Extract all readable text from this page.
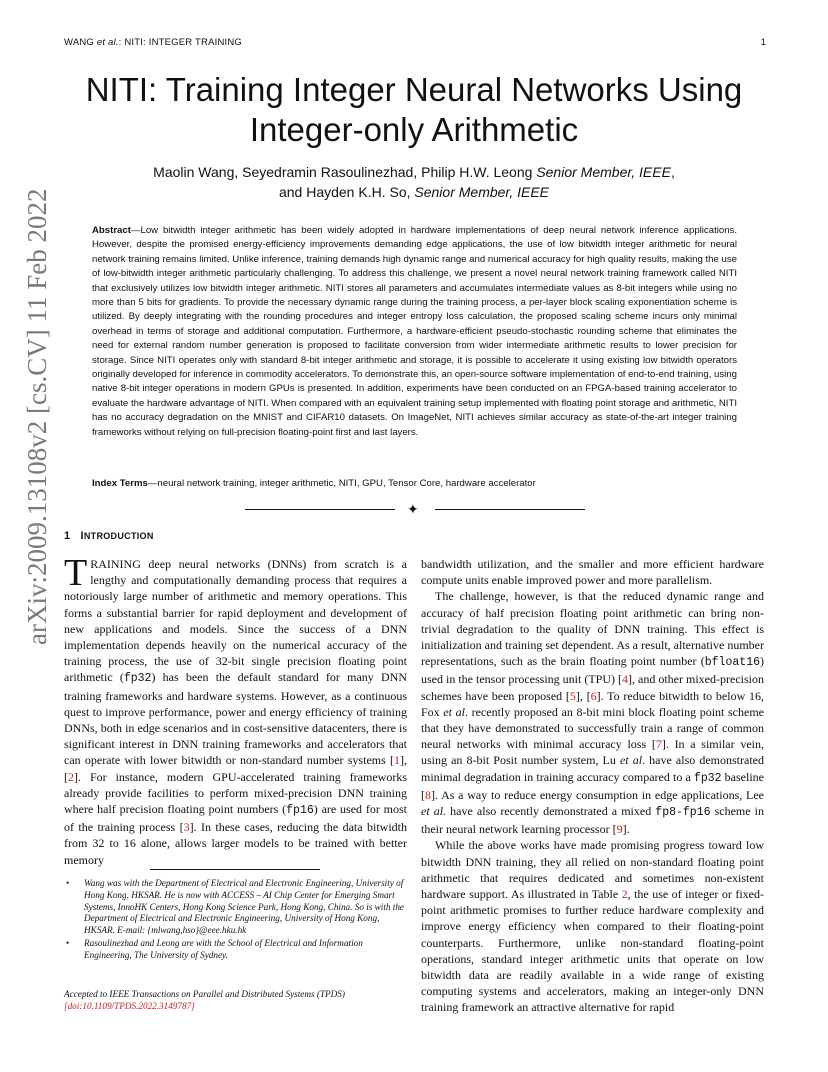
WANG et al.: NITI: INTEGER TRAINING	1
arXiv:2009.13108v2 [cs.CV] 11 Feb 2022
NITI: Training Integer Neural Networks Using
Integer-only Arithmetic
Maolin Wang, Seyedramin Rasoulinezhad, Philip H.W. Leong Senior Member, IEEE,
and Hayden K.H. So, Senior Member, IEEE
Abstract—Low bitwidth integer arithmetic has been widely adopted in hardware implementations of deep neural network inference applications. However, despite the promised energy-efficiency improvements demanding edge applications, the use of low bitwidth integer arithmetic for neural network training remains limited. Unlike inference, training demands high dynamic range and numerical accuracy for high quality results, making the use of low-bitwidth integer arithmetic particularly challenging. To address this challenge, we present a novel neural network training framework called NITI that exclusively utilizes low bitwidth integer arithmetic. NITI stores all parameters and accumulates intermediate values as 8-bit integers while using no more than 5 bits for gradients. To provide the necessary dynamic range during the training process, a per-layer block scaling exponentiation scheme is utilized. By deeply integrating with the rounding procedures and integer entropy loss calculation, the proposed scaling scheme incurs only minimal overhead in terms of storage and additional computation. Furthermore, a hardware-efficient pseudo-stochastic rounding scheme that eliminates the need for external random number generation is proposed to facilitate conversion from wider intermediate arithmetic results to lower precision for storage. Since NITI operates only with standard 8-bit integer arithmetic and storage, it is possible to accelerate it using existing low bitwidth operators originally developed for inference in commodity accelerators. To demonstrate this, an open-source software implementation of end-to-end training, using native 8-bit integer operations in modern GPUs is presented. In addition, experiments have been conducted on an FPGA-based training accelerator to evaluate the hardware advantage of NITI. When compared with an equivalent training setup implemented with floating point storage and arithmetic, NITI has no accuracy degradation on the MNIST and CIFAR10 datasets. On ImageNet, NITI achieves similar accuracy as state-of-the-art integer training frameworks without relying on full-precision floating-point first and last layers.
Index Terms—neural network training, integer arithmetic, NITI, GPU, Tensor Core, hardware accelerator
✦
1 INTRODUCTION

TRAINING deep neural networks (DNNs) from scratch is a lengthy and computationally demanding process that requires a notoriously large number of arithmetic and memory operations. This forms a substantial barrier for rapid deployment and development of new applications and models. Since the success of a DNN implementation depends heavily on the numerical accuracy of the training process, the use of 32-bit single precision floating point arithmetic (fp32) has been the default standard for many DNN training frameworks and hardware systems. However, as a continuous quest to improve performance, power and energy efficiency of training DNNs, both in edge scenarios and in cost-sensitive datacenters, there is significant interest in DNN training frameworks and accelerators that can operate with lower bitwidth or non-standard number systems [1], [2]. For instance, modern GPU-accelerated training frameworks already provide facilities to perform mixed-precision DNN training where half precision floating point numbers (fp16) are used for most of the training process [3]. In these cases, reducing the data bitwidth from 32 to 16 alone, allows larger models to be trained with better memory

bandwidth utilization, and the smaller and more efficient hardware compute units enable improved power and more parallelism.

The challenge, however, is that the reduced dynamic range and accuracy of half precision floating point arithmetic can bring non-trivial degradation to the quality of DNN training. This effect is initialization and training set dependent. As a result, alternative number representations, such as the brain floating point number (bfloat16) used in the tensor processing unit (TPU) [4], and other mixed-precision schemes have been proposed [5], [6]. To reduce bitwidth to below 16, Fox et al. recently proposed an 8-bit mini block floating point scheme that they have demonstrated to successfully train a range of common neural networks with minimal accuracy loss [7]. In a similar vein, using an 8-bit Posit number system, Lu et al. have also demonstrated minimal degradation in training accuracy compared to a fp32 baseline [8]. As a way to reduce energy consumption in edge applications, Lee et al. have also recently demonstrated a mixed fp8-fp16 scheme in their neural network learning processor [9].

While the above works have made promising progress toward low bitwidth DNN training, they all relied on non-standard floating point arithmetic that requires dedicated and sometimes non-existent hardware support. As illustrated in Table 2, the use of integer or fixed-point arithmetic promises to further reduce hardware complexity and improve energy efficiency when compared to their floating-point counterparts. Furthermore, unlike non-standard floating-point operations, standard integer arithmetic units that operate on low bitwidth data are readily available in a wide range of existing computing systems and accelerators, making an integer-only DNN training framework an attractive alternative for rapid

• Wang was with the Department of Electrical and Electronic Engineering, University of Hong Kong, HKSAR. He is now with ACCESS – AI Chip Center for Emerging Smart Systems, InnoHK Centers, Hong Kong Science Park, Hong Kong, China. So is with the Department of Electrical and Electronic Engineering, University of Hong Kong, HKSAR. E-mail: {mlwang,hso}@eee.hku.hk
• Rasoulinezhad and Leong are with the School of Electrical and Information Engineering, The University of Sydney.
Accepted to IEEE Transactions on Parallel and Distributed Systems (TPDS)
[doi:10.1109/TPDS.2022.3149787]
